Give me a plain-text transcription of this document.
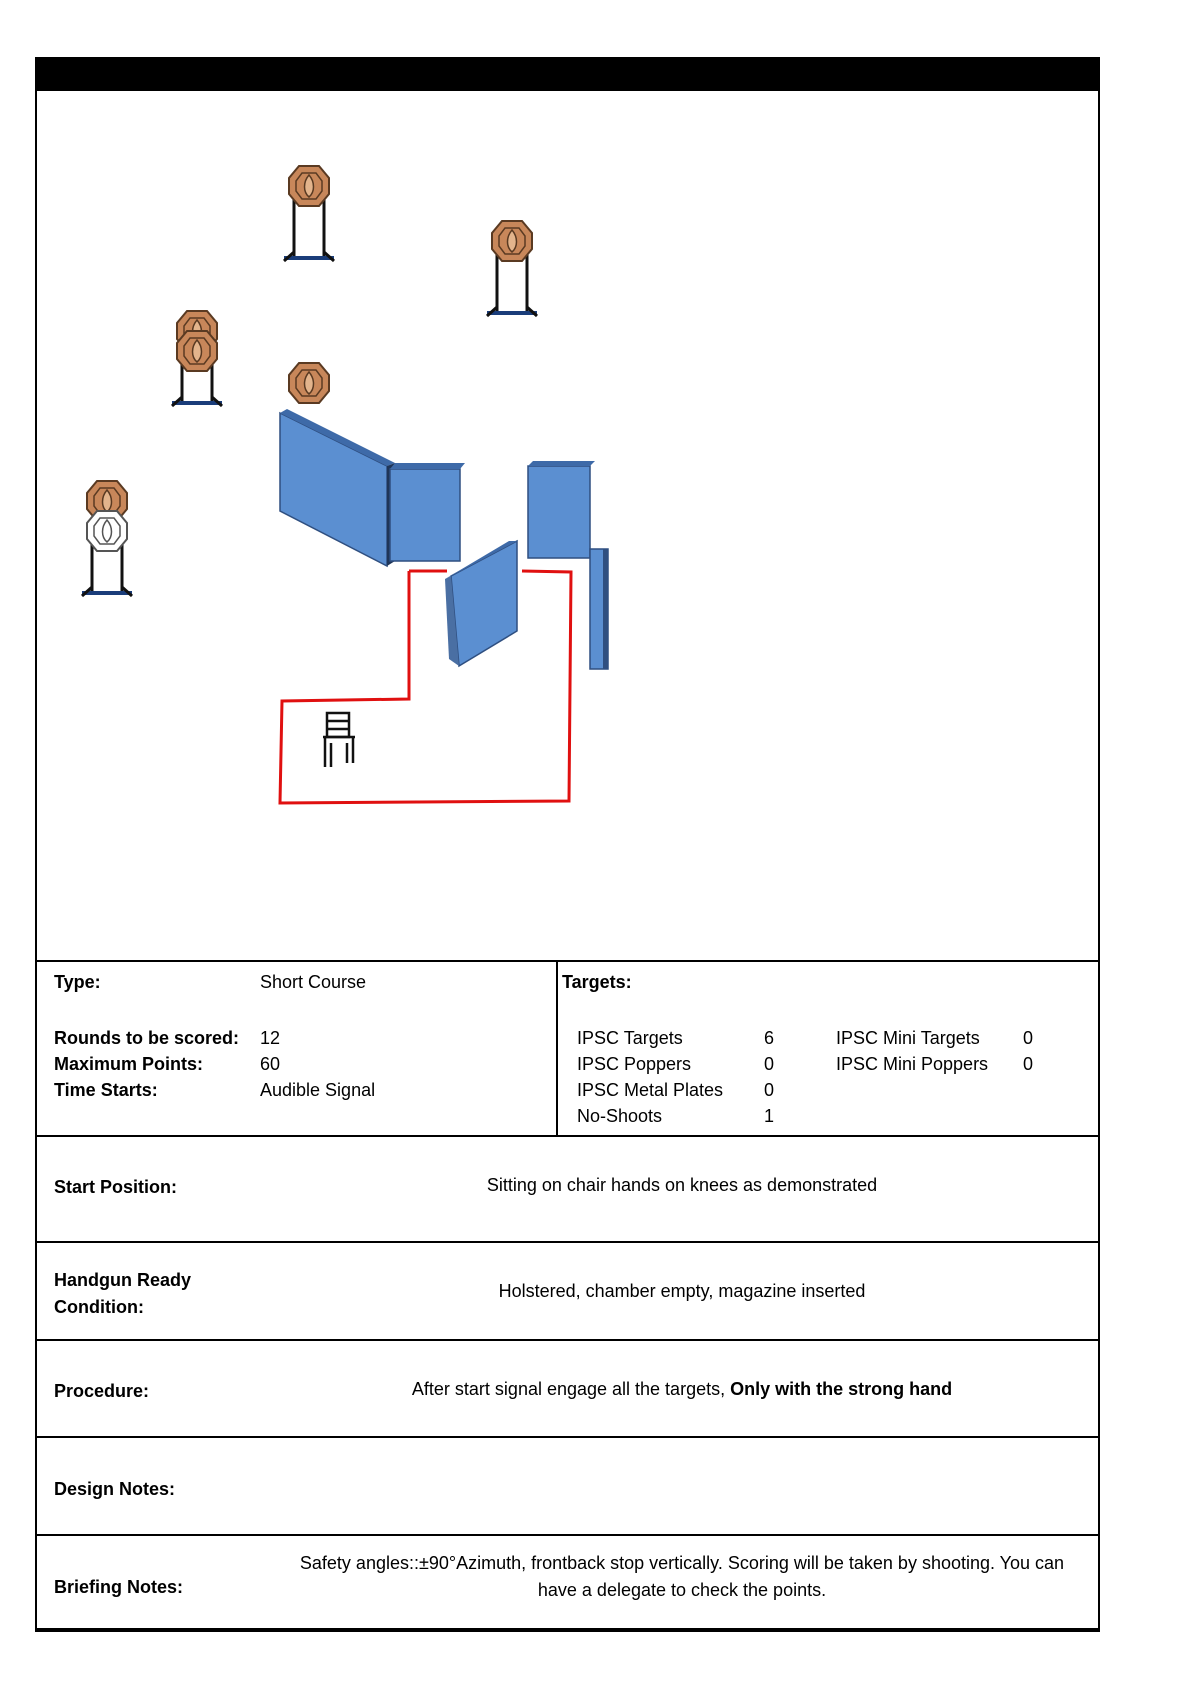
Type:	Short Course
Rounds to be scored: 12
Maximum Points:	60
Time Starts:	Audible Signal
Targets:
IPSC Targets	6
IPSC Poppers	0
IPSC Metal Plates 0
No-Shoots	1
IPSC Mini Targets 0
IPSC Mini Poppers 0
Start Position:	Sitting on chair hands on knees as demonstrated
Handgun Ready
Condition:
Holstered, chamber empty, magazine inserted
Procedure:	After start signal engage all the targets, Only with the strong hand
Design Notes:
Briefing Notes:
Safety angles::±90°Azimuth, frontback stop vertically. Scoring will be taken by shooting. You can
have a delegate to check the points.
